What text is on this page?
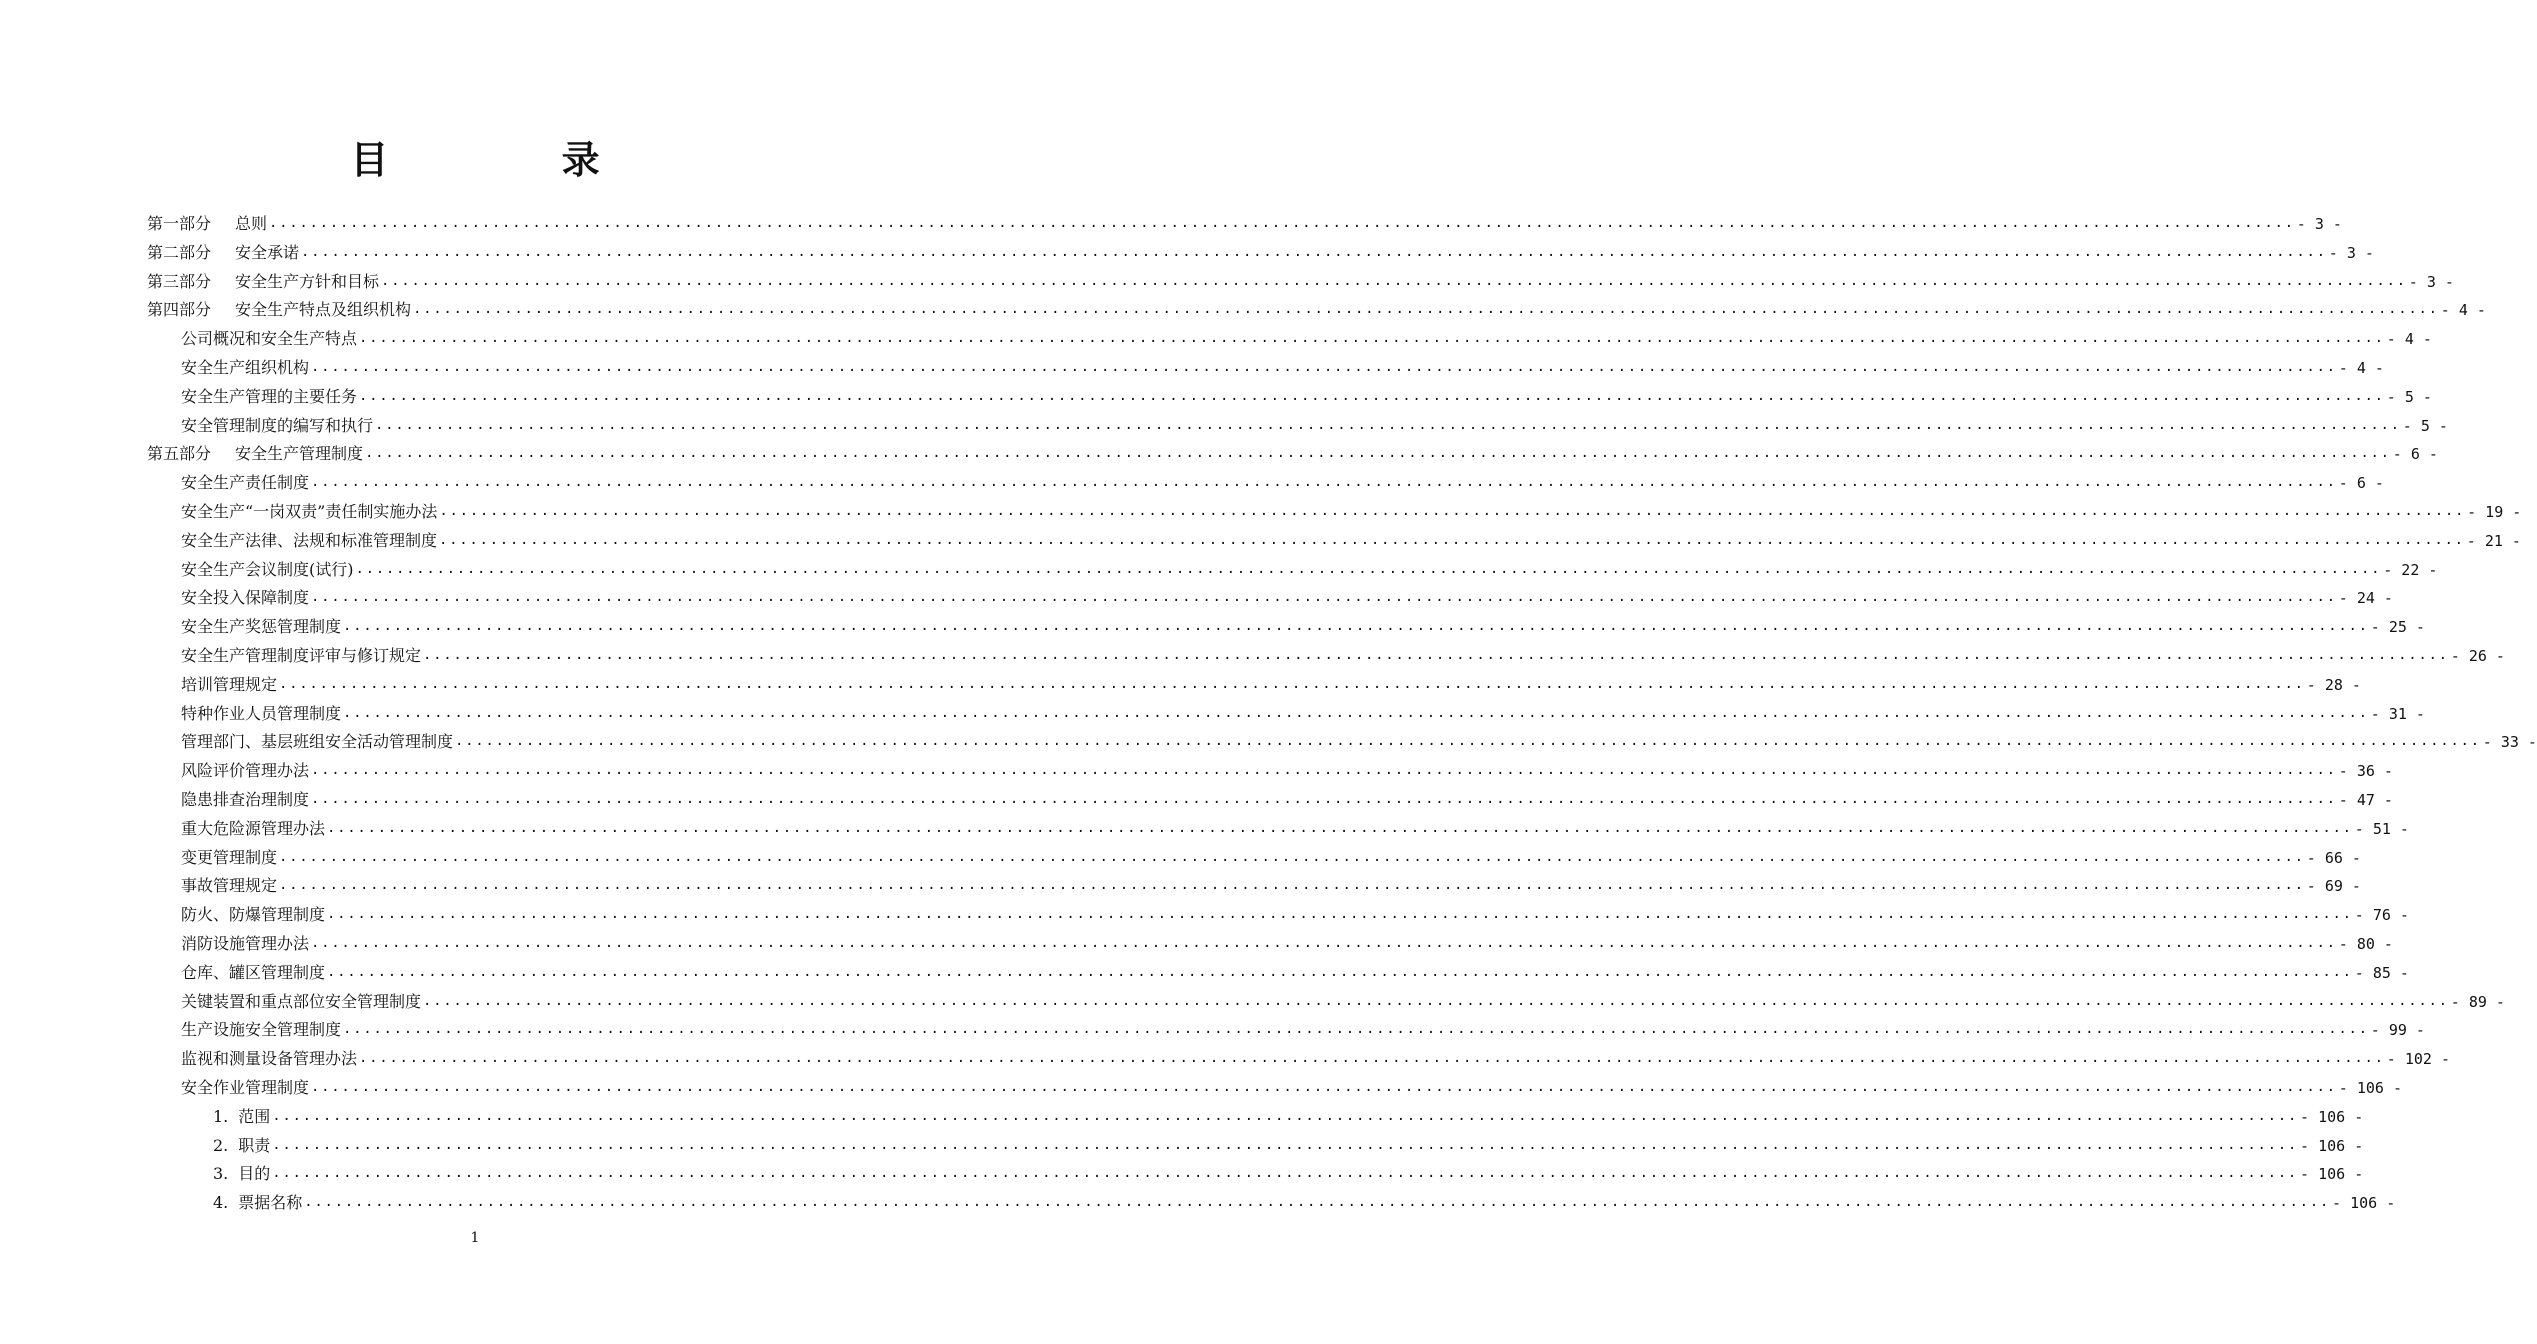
目 录
第一部分 总则 ........................................................................................................................................................................................................ - 3 -
第二部分 安全承诺 ........................................................................................................................................................................................................ - 3 -
第三部分 安全生产方针和目标 ........................................................................................................................................................................................................ - 3 -
第四部分 安全生产特点及组织机构 ........................................................................................................................................................................................................ - 4 -
公司概况和安全生产特点 ........................................................................................................................................................................................................ - 4 -
安全生产组织机构 ........................................................................................................................................................................................................ - 4 -
安全生产管理的主要任务 ........................................................................................................................................................................................................ - 5 -
安全管理制度的编写和执行 ........................................................................................................................................................................................................ - 5 -
第五部分 安全生产管理制度 ........................................................................................................................................................................................................ - 6 -
安全生产责任制度 ........................................................................................................................................................................................................ - 6 -
安全生产“一岗双责”责任制实施办法 ........................................................................................................................................................................................................ - 19 -
安全生产法律、法规和标准管理制度 ........................................................................................................................................................................................................ - 21 -
安全生产会议制度(试行) ........................................................................................................................................................................................................ - 22 -
安全投入保障制度 ........................................................................................................................................................................................................ - 24 -
安全生产奖惩管理制度 ........................................................................................................................................................................................................ - 25 -
安全生产管理制度评审与修订规定 ........................................................................................................................................................................................................ - 26 -
培训管理规定 ........................................................................................................................................................................................................ - 28 -
特种作业人员管理制度 ........................................................................................................................................................................................................ - 31 -
管理部门、基层班组安全活动管理制度 ........................................................................................................................................................................................................ - 33 -
风险评价管理办法 ........................................................................................................................................................................................................ - 36 -
隐患排查治理制度 ........................................................................................................................................................................................................ - 47 -
重大危险源管理办法 ........................................................................................................................................................................................................ - 51 -
变更管理制度 ........................................................................................................................................................................................................ - 66 -
事故管理规定 ........................................................................................................................................................................................................ - 69 -
防火、防爆管理制度 ........................................................................................................................................................................................................ - 76 -
消防设施管理办法 ........................................................................................................................................................................................................ - 80 -
仓库、罐区管理制度 ........................................................................................................................................................................................................ - 85 -
关键装置和重点部位安全管理制度 ........................................................................................................................................................................................................ - 89 -
生产设施安全管理制度 ........................................................................................................................................................................................................ - 99 -
监视和测量设备管理办法 ........................................................................................................................................................................................................ - 102 -
安全作业管理制度 ........................................................................................................................................................................................................ - 106 -
1. 范围 ........................................................................................................................................................................................................ - 106 -
2. 职责 ........................................................................................................................................................................................................ - 106 -
3. 目的 ........................................................................................................................................................................................................ - 106 -
4. 票据名称 ........................................................................................................................................................................................................ - 106 -
1
